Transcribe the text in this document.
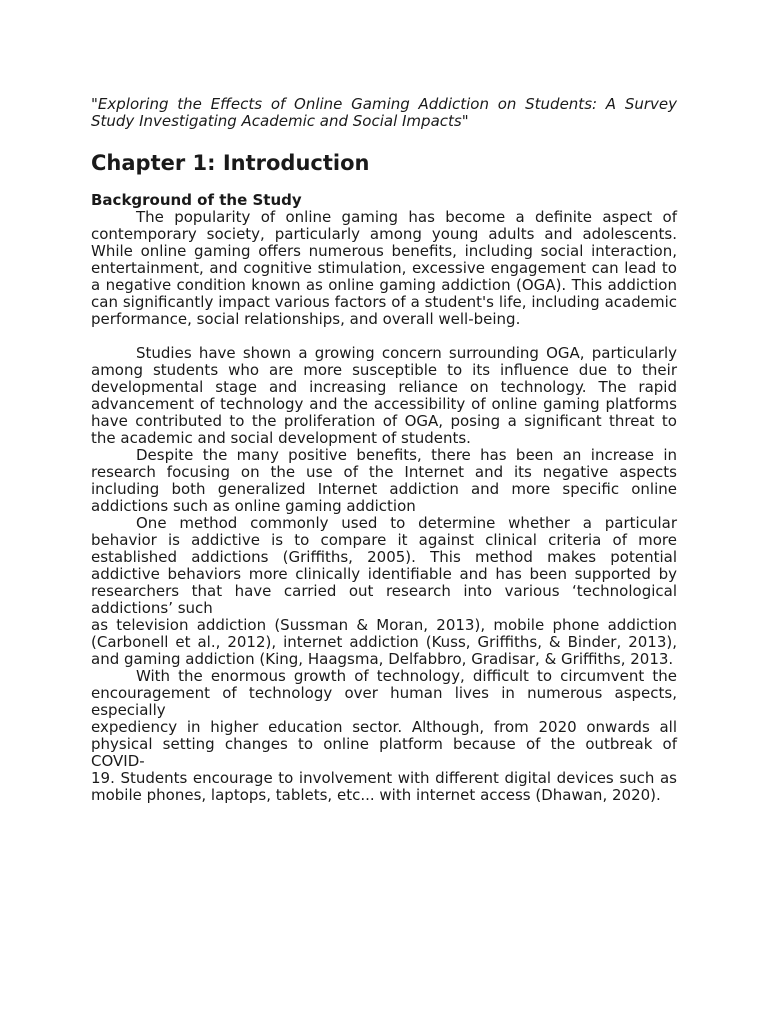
"Exploring the Effects of Online Gaming Addiction on Students: A Survey Study Investigating Academic and Social Impacts"

Chapter 1: Introduction
Background of the Study

The popularity of online gaming has become a definite aspect of contemporary society, particularly among young adults and adolescents. While online gaming offers numerous benefits, including social interaction, entertainment, and cognitive stimulation, excessive engagement can lead to a negative condition known as online gaming addiction (OGA). This addiction can significantly impact various factors of a student's life, including academic performance, social relationships, and overall well-being.

Studies have shown a growing concern surrounding OGA, particularly among students who are more susceptible to its influence due to their developmental stage and increasing reliance on technology. The rapid advancement of technology and the accessibility of online gaming platforms have contributed to the proliferation of OGA, posing a significant threat to the academic and social development of students.

Despite the many positive benefits, there has been an increase in research focusing on the use of the Internet and its negative aspects including both generalized Internet addiction and more specific online addictions such as online gaming addiction

One method commonly used to determine whether a particular behavior is addictive is to compare it against clinical criteria of more established addictions (Griffiths, 2005). This method makes potential addictive behaviors more clinically identifiable and has been supported by researchers that have carried out research into various ‘technological addictions’ such

as television addiction (Sussman & Moran, 2013), mobile phone addiction (Carbonell et al., 2012), internet addiction (Kuss, Griffiths, & Binder, 2013), and gaming addiction (King, Haagsma, Delfabbro, Gradisar, & Griffiths, 2013.

With the enormous growth of technology, difficult to circumvent the encouragement of technology over human lives in numerous aspects, especially

expediency in higher education sector. Although, from 2020 onwards all physical setting changes to online platform because of the outbreak of COVID-

19. Students encourage to involvement with different digital devices such as mobile phones, laptops, tablets, etc... with internet access (Dhawan, 2020).
